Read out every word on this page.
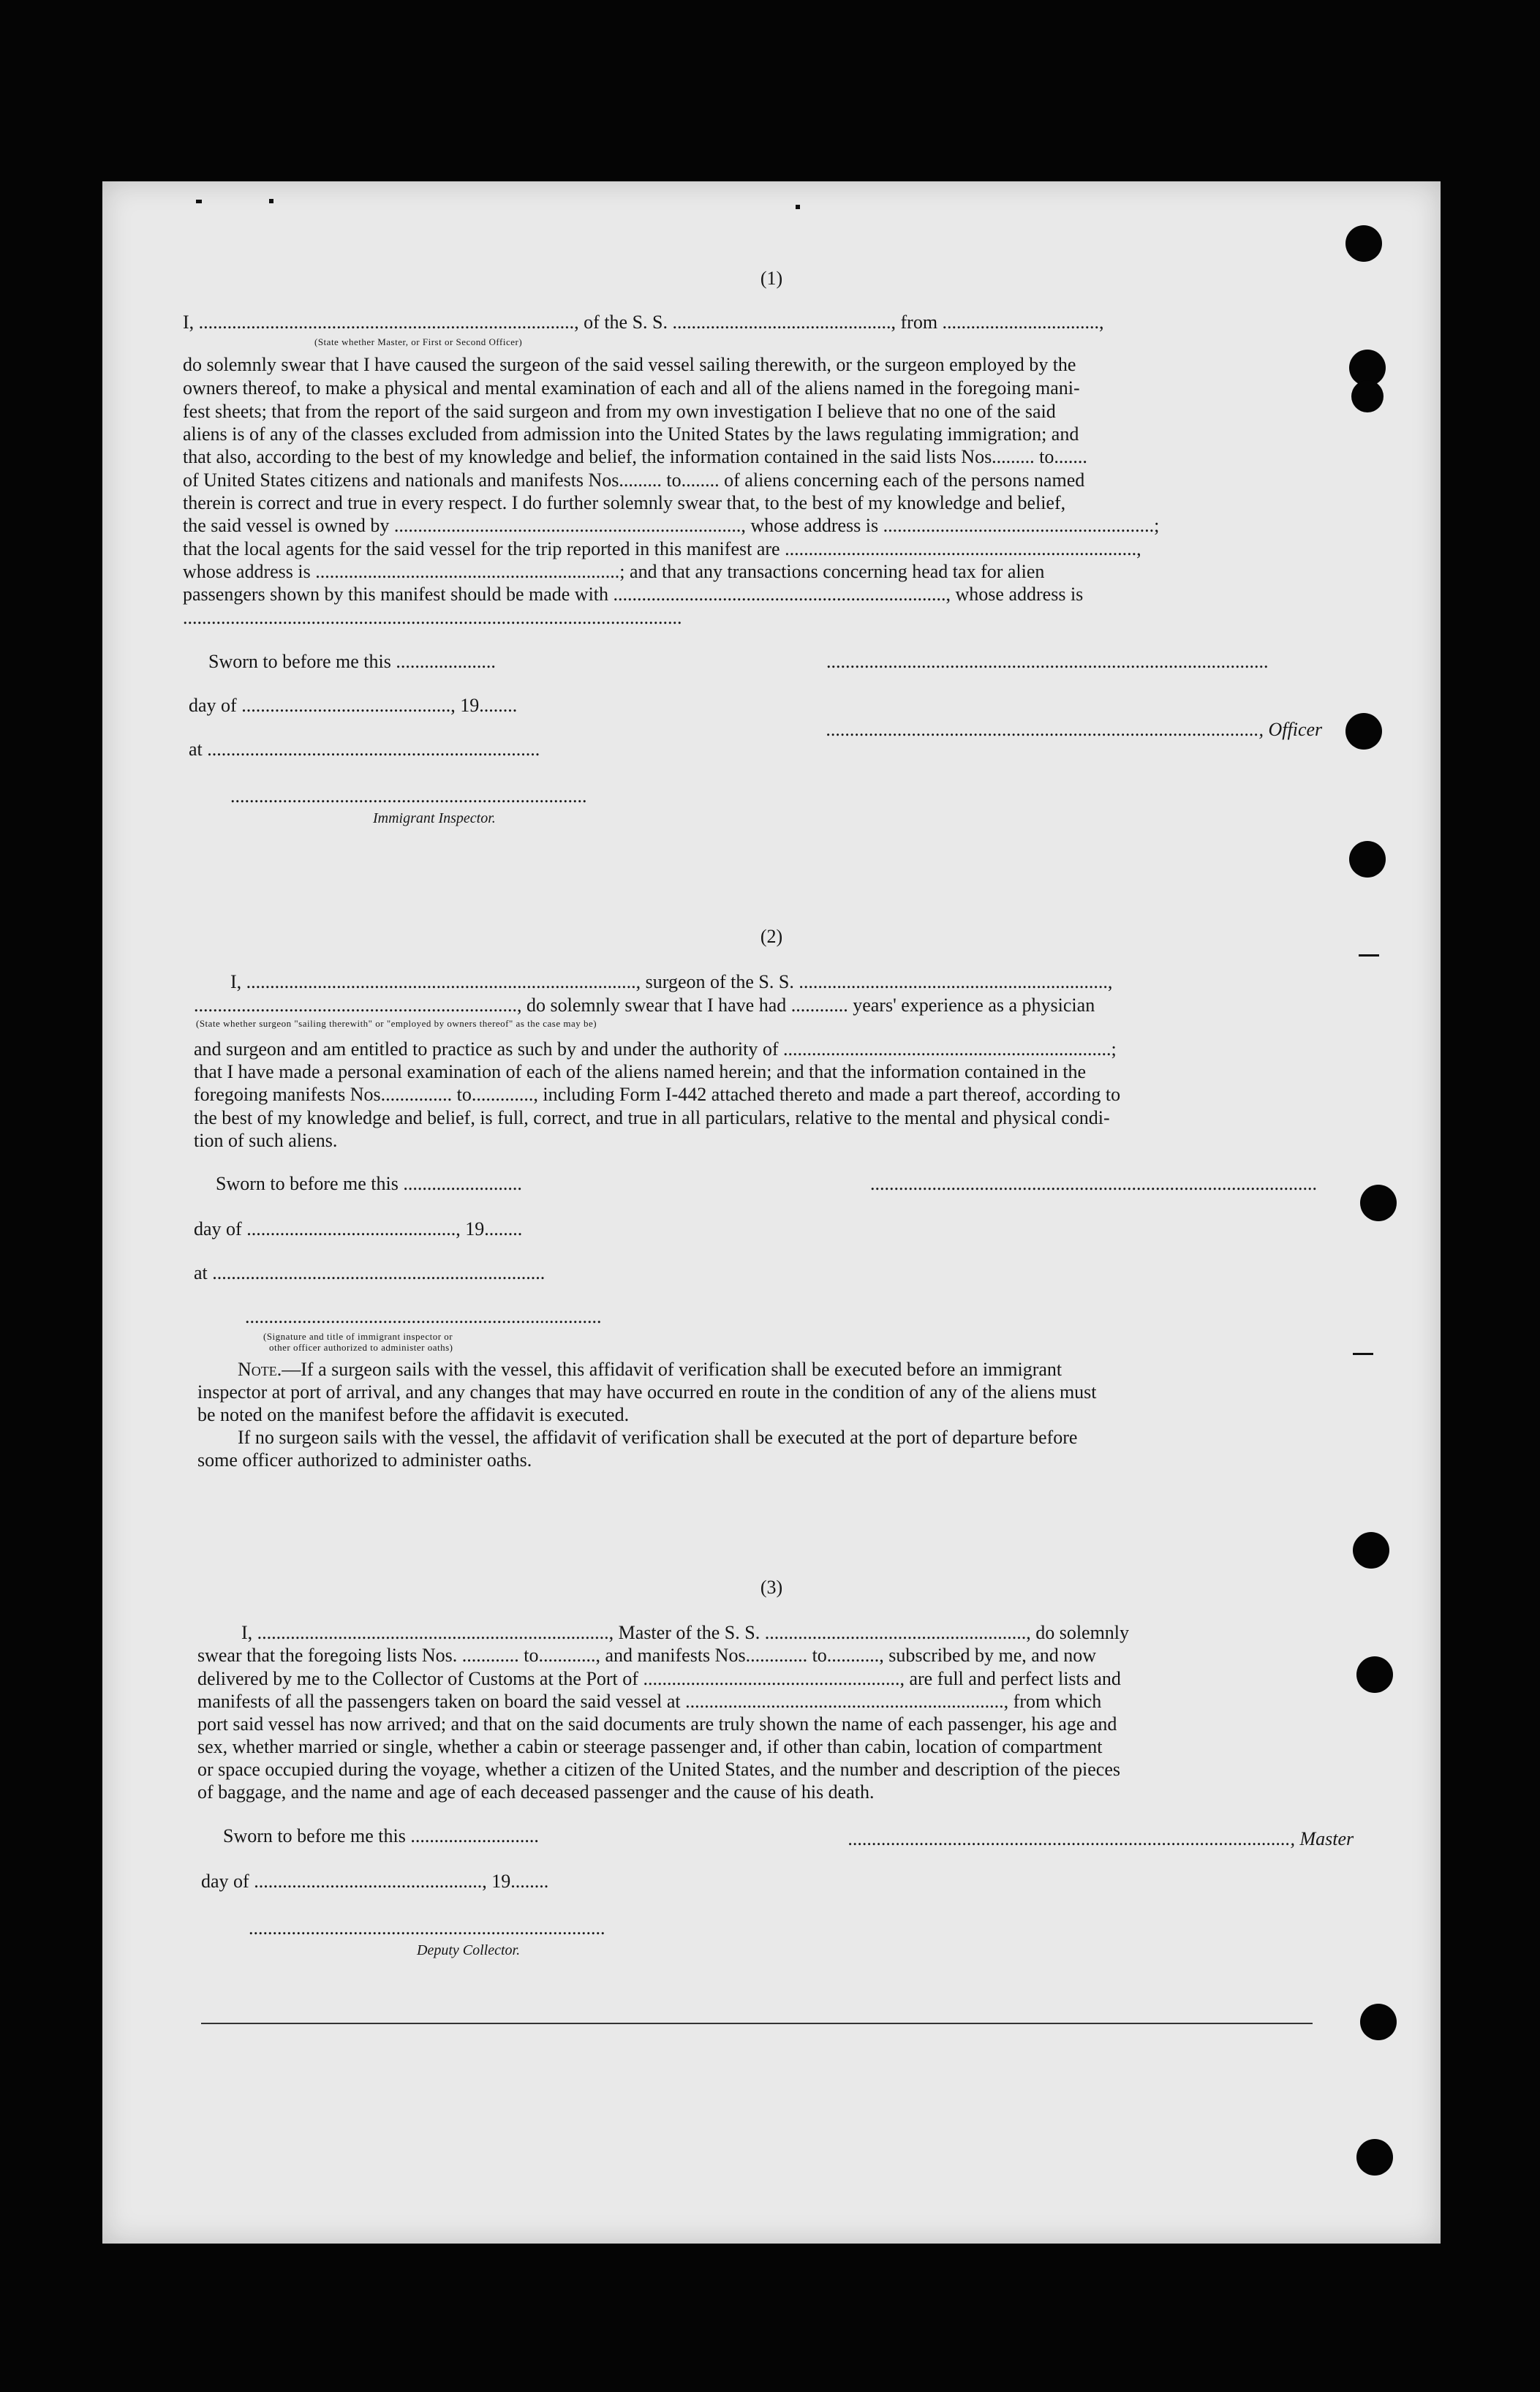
(1)
I, ..............................................................................., of the S. S. .............................................., from .................................,
(State whether Master, or First or Second Officer)
do solemnly swear that I have caused the surgeon of the said vessel sailing therewith, or the surgeon employed by the
owners thereof, to make a physical and mental examination of each and all of the aliens named in the foregoing mani-
fest sheets; that from the report of the said surgeon and from my own investigation I believe that no one of the said
aliens is of any of the classes excluded from admission into the United States by the laws regulating immigration; and
that also, according to the best of my knowledge and belief, the information contained in the said lists Nos......... to.......
of United States citizens and nationals and manifests Nos......... to........ of aliens concerning each of the persons named
therein is correct and true in every respect. I do further solemnly swear that, to the best of my knowledge and belief,
the said vessel is owned by ........................................................................., whose address is .........................................................;
that the local agents for the said vessel for the trip reported in this manifest are ..........................................................................,
whose address is ................................................................; and that any transactions concerning head tax for alien
passengers shown by this manifest should be made with ......................................................................, whose address is
.........................................................................................................
Sworn to before me this .....................	.............................................................................................
day of ............................................, 19........
..........................................................................................., Officer
at ......................................................................
...........................................................................
Immigrant Inspector.
(2)
I, .................................................................................., surgeon of the S. S. .................................................................,
...................................................................., do solemnly swear that I have had ............ years' experience as a physician
(State whether surgeon "sailing therewith" or "employed by owners thereof" as the case may be)
and surgeon and am entitled to practice as such by and under the authority of .....................................................................;
that I have made a personal examination of each of the aliens named herein; and that the information contained in the
foregoing manifests Nos............... to............., including Form I-442 attached thereto and made a part thereof, according to
the best of my knowledge and belief, is full, correct, and true in all particulars, relative to the mental and physical condi-
tion of such aliens.
Sworn to before me this .........................	..............................................................................................
day of ............................................, 19........
at ......................................................................
...........................................................................
(Signature and title of immigrant inspector or
other officer authorized to administer oaths)
Note.—If a surgeon sails with the vessel, this affidavit of verification shall be executed before an immigrant
inspector at port of arrival, and any changes that may have occurred en route in the condition of any of the aliens must
be noted on the manifest before the affidavit is executed.
If no surgeon sails with the vessel, the affidavit of verification shall be executed at the port of departure before
some officer authorized to administer oaths.
(3)
I, .........................................................................., Master of the S. S. ......................................................., do solemnly
swear that the foregoing lists Nos. ............ to............, and manifests Nos............. to..........., subscribed by me, and now
delivered by me to the Collector of Customs at the Port of ......................................................, are full and perfect lists and
manifests of all the passengers taken on board the said vessel at ..................................................................., from which
port said vessel has now arrived; and that on the said documents are truly shown the name of each passenger, his age and
sex, whether married or single, whether a cabin or steerage passenger and, if other than cabin, location of compartment
or space occupied during the voyage, whether a citizen of the United States, and the number and description of the pieces
of baggage, and the name and age of each deceased passenger and the cause of his death.
Sworn to before me this ...........................	............................................................................................., Master
day of ................................................, 19........
...........................................................................
Deputy Collector.
